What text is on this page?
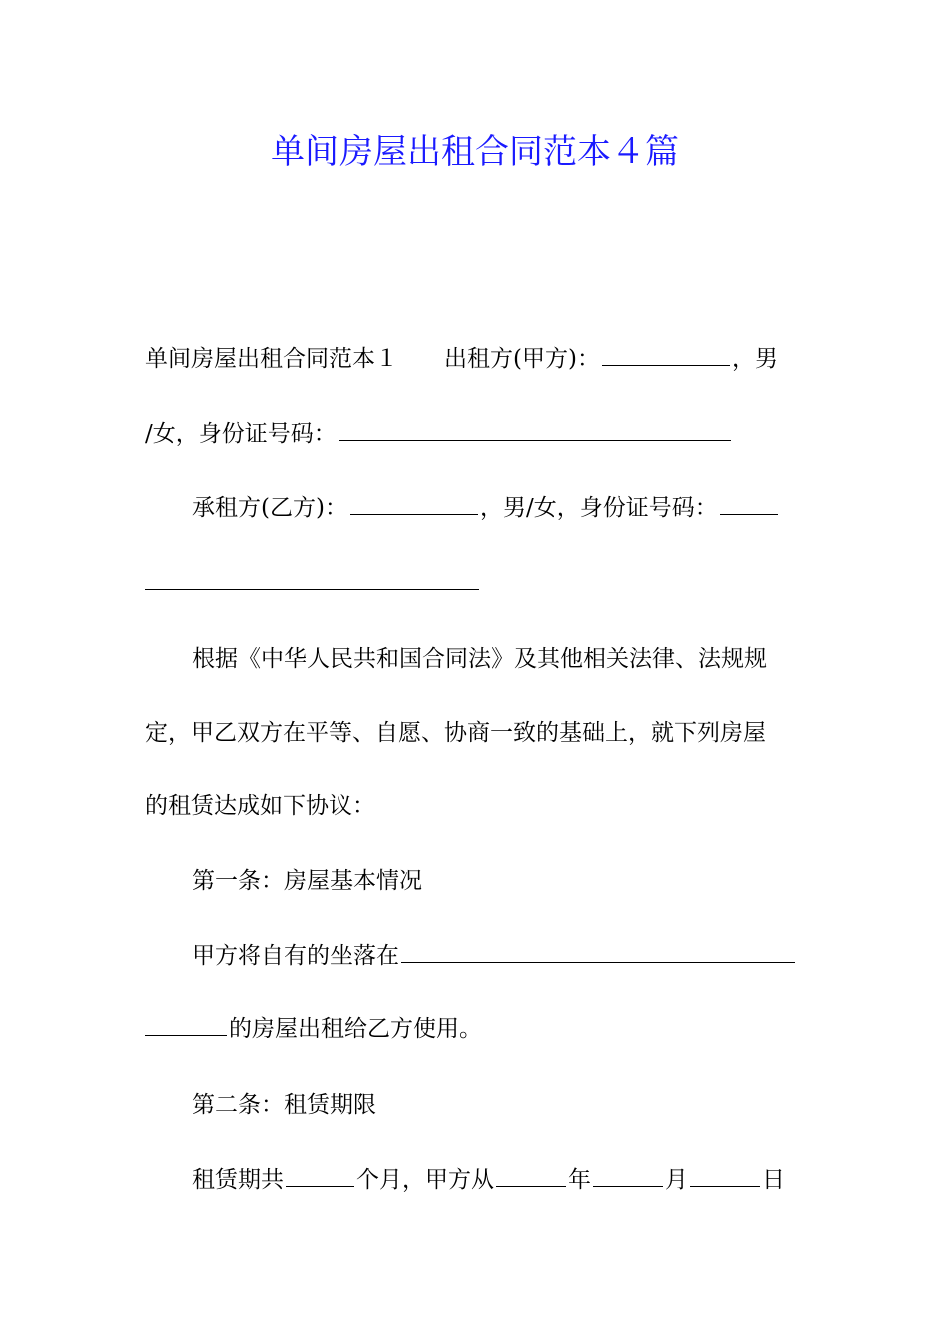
单间房屋出租合同范本４篇
单间房屋出租合同范本１ 出租方(甲方)：	，男
/女，身份证号码：
承租方(乙方)：	，男/女，身份证号码：
根据《中华人民共和国合同法》及其他相关法律、法规规
定，甲乙双方在平等、自愿、协商一致的基础上，就下列房屋
的租赁达成如下协议：
第一条：房屋基本情况
甲方将自有的坐落在
的房屋出租给乙方使用。
第二条：租赁期限
租赁期共	个月，甲方从	年	月	日
